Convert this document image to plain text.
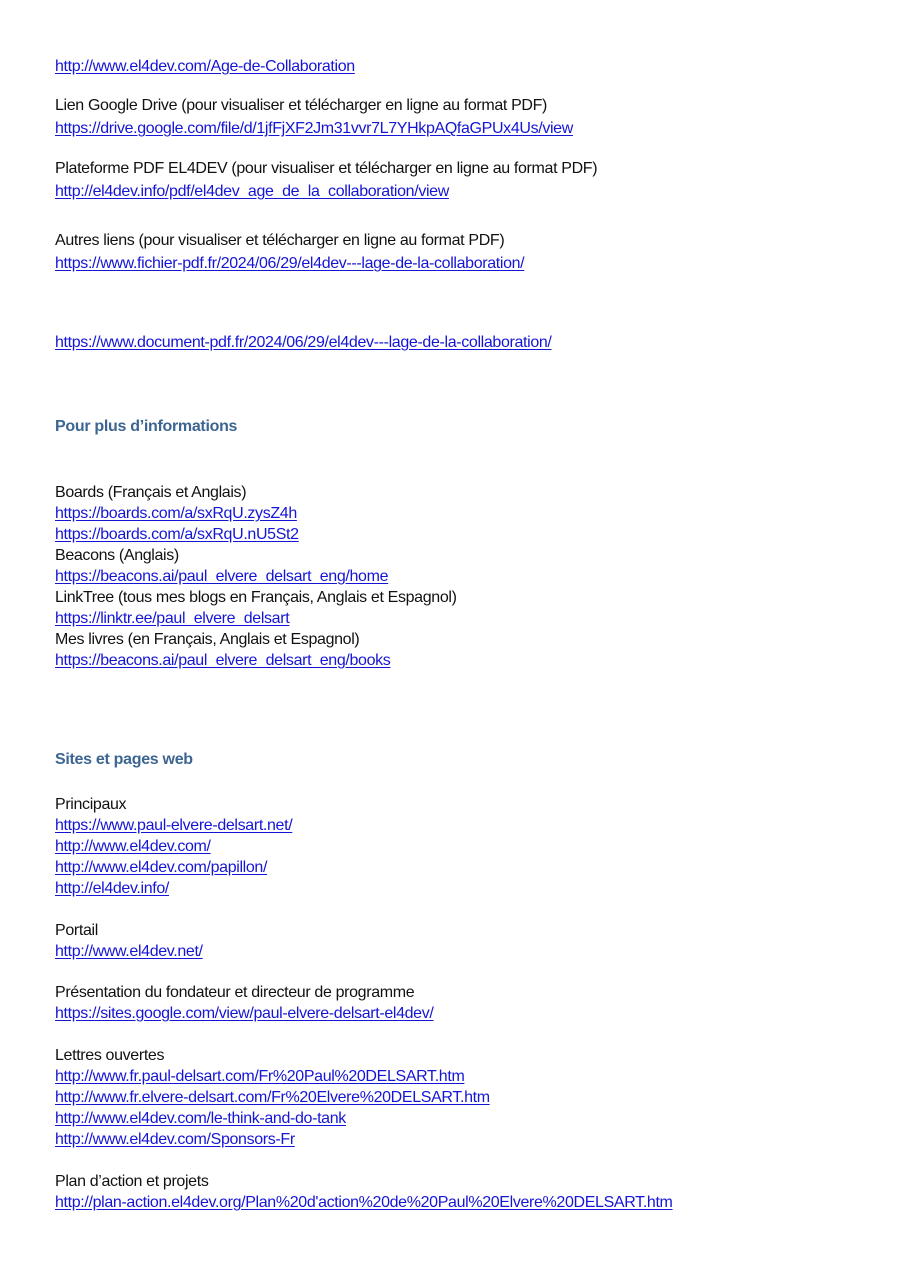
http://www.el4dev.com/Age-de-Collaboration
Lien Google Drive (pour visualiser et télécharger en ligne au format PDF)
https://drive.google.com/file/d/1jfFjXF2Jm31vvr7L7YHkpAQfaGPUx4Us/view
Plateforme PDF EL4DEV (pour visualiser et télécharger en ligne au format PDF)
http://el4dev.info/pdf/el4dev_age_de_la_collaboration/view
Autres liens (pour visualiser et télécharger en ligne au format PDF)
https://www.fichier-pdf.fr/2024/06/29/el4dev---lage-de-la-collaboration/
https://www.document-pdf.fr/2024/06/29/el4dev---lage-de-la-collaboration/
Pour plus d’informations
Boards (Français et Anglais)
https://boards.com/a/sxRqU.zysZ4h
https://boards.com/a/sxRqU.nU5St2
Beacons (Anglais)
https://beacons.ai/paul_elvere_delsart_eng/home
LinkTree (tous mes blogs en Français, Anglais et Espagnol)
https://linktr.ee/paul_elvere_delsart
Mes livres (en Français, Anglais et Espagnol)
https://beacons.ai/paul_elvere_delsart_eng/books
Sites et pages web
Principaux
https://www.paul-elvere-delsart.net/
http://www.el4dev.com/
http://www.el4dev.com/papillon/
http://el4dev.info/
Portail
http://www.el4dev.net/
Présentation du fondateur et directeur de programme
https://sites.google.com/view/paul-elvere-delsart-el4dev/
Lettres ouvertes
http://www.fr.paul-delsart.com/Fr%20Paul%20DELSART.htm
http://www.fr.elvere-delsart.com/Fr%20Elvere%20DELSART.htm
http://www.el4dev.com/le-think-and-do-tank
http://www.el4dev.com/Sponsors-Fr
Plan d’action et projets
http://plan-action.el4dev.org/Plan%20d'action%20de%20Paul%20Elvere%20DELSART.htm
